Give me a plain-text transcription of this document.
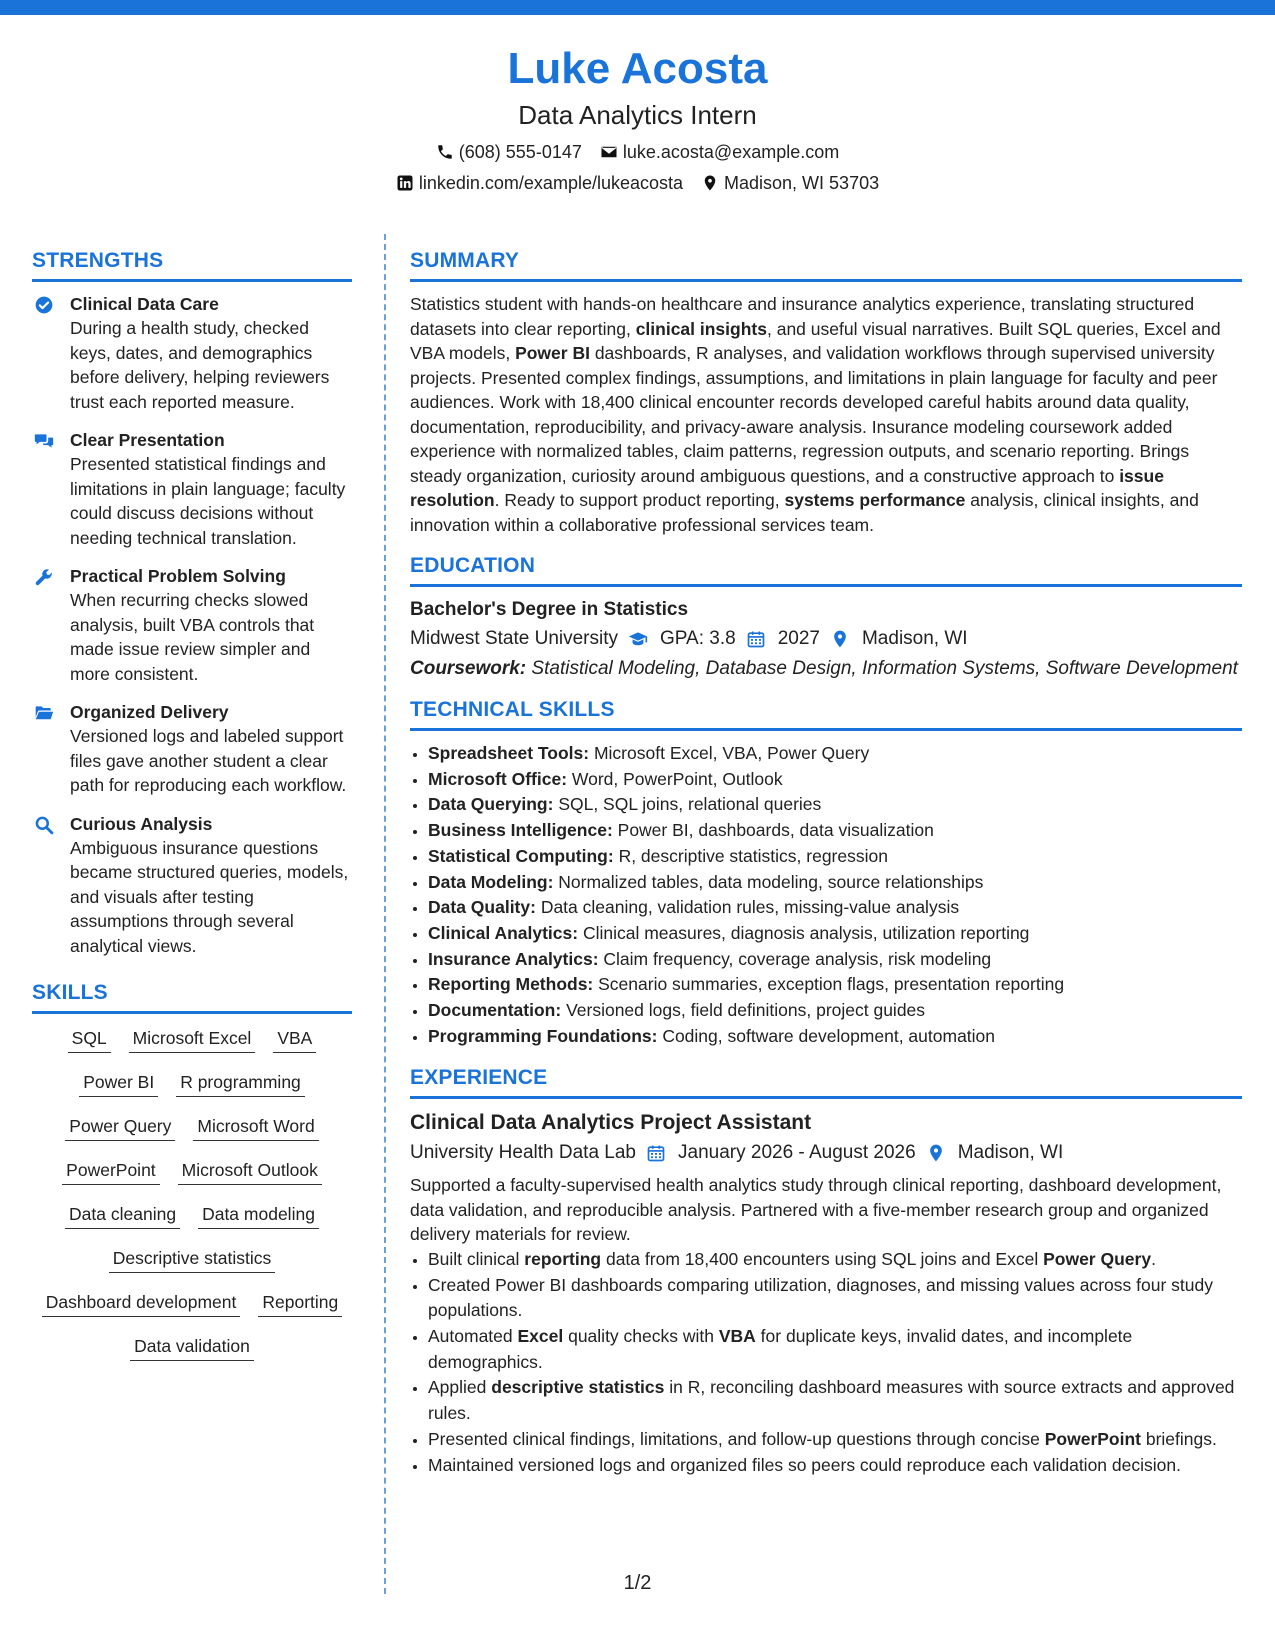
Luke Acosta
Data Analytics Intern
(608) 555-0147 luke.acosta@example.com
linkedin.com/example/lukeacosta Madison, WI 53703
STRENGTHS
Clinical Data Care
During a health study, checked keys, dates, and demographics before delivery, helping reviewers trust each reported measure.
Clear Presentation
Presented statistical findings and limitations in plain language; faculty could discuss decisions without needing technical translation.
Practical Problem Solving
When recurring checks slowed analysis, built VBA controls that made issue review simpler and more consistent.
Organized Delivery
Versioned logs and labeled support files gave another student a clear path for reproducing each workflow.
Curious Analysis
Ambiguous insurance questions became structured queries, models, and visuals after testing assumptions through several analytical views.
SKILLS
SQL Microsoft Excel VBA
Power BI R programming
Power Query Microsoft Word
PowerPoint Microsoft Outlook
Data cleaning Data modeling
Descriptive statistics
Dashboard development Reporting
Data validation
SUMMARY

Statistics student with hands-on healthcare and insurance analytics experience, translating structured datasets into clear reporting, clinical insights, and useful visual narratives. Built SQL queries, Excel and VBA models, Power BI dashboards, R analyses, and validation workflows through supervised university projects. Presented complex findings, assumptions, and limitations in plain language for faculty and peer audiences. Work with 18,400 clinical encounter records developed careful habits around data quality, documentation, reproducibility, and privacy-aware analysis. Insurance modeling coursework added experience with normalized tables, claim patterns, regression outputs, and scenario reporting. Brings steady organization, curiosity around ambiguous questions, and a constructive approach to issue resolution. Ready to support product reporting, systems performance analysis, clinical insights, and innovation within a collaborative professional services team.

EDUCATION
Bachelor's Degree in Statistics
Midwest State University GPA: 3.8 2027 Madison, WI
Coursework: Statistical Modeling, Database Design, Information Systems, Software Development
TECHNICAL SKILLS
• Spreadsheet Tools: Microsoft Excel, VBA, Power Query
• Microsoft Office: Word, PowerPoint, Outlook
• Data Querying: SQL, SQL joins, relational queries
• Business Intelligence: Power BI, dashboards, data visualization
• Statistical Computing: R, descriptive statistics, regression
• Data Modeling: Normalized tables, data modeling, source relationships
• Data Quality: Data cleaning, validation rules, missing-value analysis
• Clinical Analytics: Clinical measures, diagnosis analysis, utilization reporting
• Insurance Analytics: Claim frequency, coverage analysis, risk modeling
• Reporting Methods: Scenario summaries, exception flags, presentation reporting
• Documentation: Versioned logs, field definitions, project guides
• Programming Foundations: Coding, software development, automation
EXPERIENCE
Clinical Data Analytics Project Assistant
University Health Data Lab January 2026 - August 2026 Madison, WI

Supported a faculty-supervised health analytics study through clinical reporting, dashboard development, data validation, and reproducible analysis. Partnered with a five-member research group and organized delivery materials for review.

• Built clinical reporting data from 18,400 encounters using SQL joins and Excel Power Query.
• Created Power BI dashboards comparing utilization, diagnoses, and missing values across four study populations.
• Automated Excel quality checks with VBA for duplicate keys, invalid dates, and incomplete demographics.
• Applied descriptive statistics in R, reconciling dashboard measures with source extracts and approved rules.
• Presented clinical findings, limitations, and follow-up questions through concise PowerPoint briefings.
• Maintained versioned logs and organized files so peers could reproduce each validation decision.
1/2
